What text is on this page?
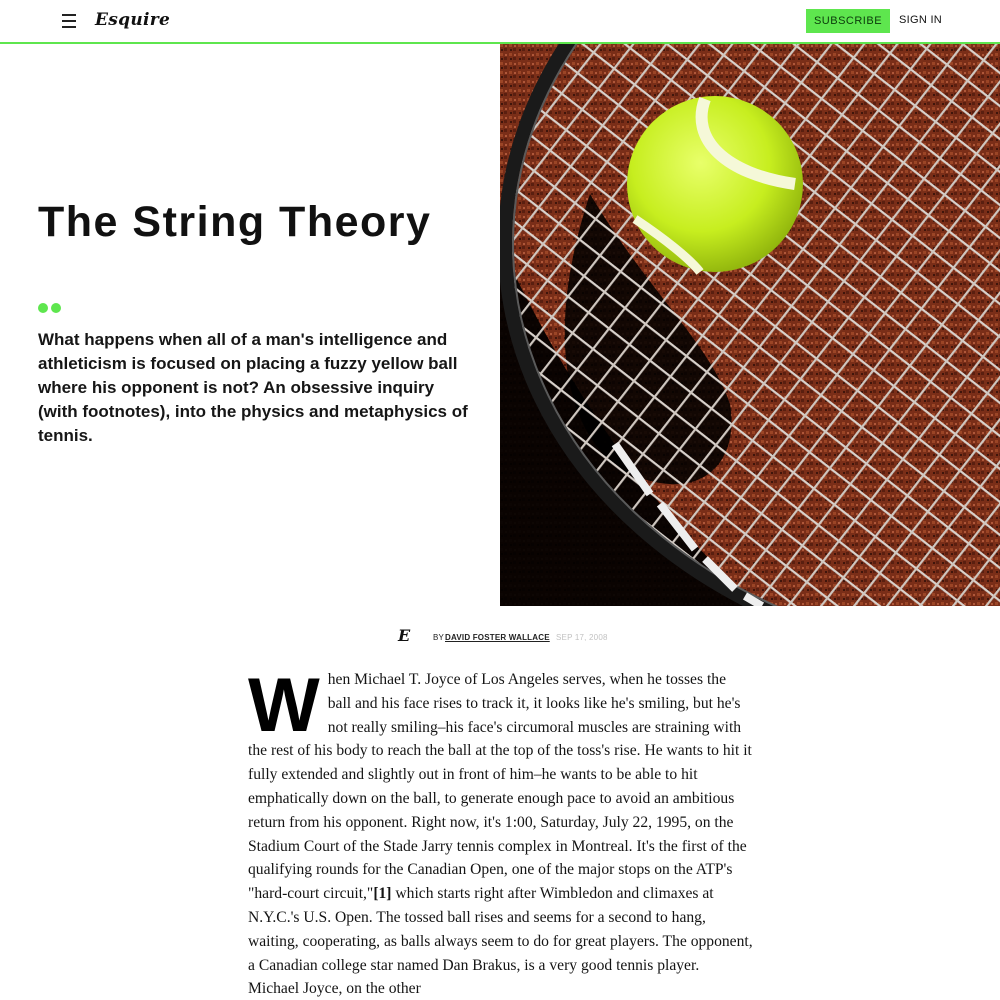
Esquire	SUBSCRIBE	SIGN IN
The String Theory

What happens when all of a man's intelligence and athleticism is focused on placing a fuzzy yellow ball where his opponent is not? An obsessive inquiry (with footnotes), into the physics and metaphysics of tennis.

E	BY DAVID FOSTER WALLACE SEP 17, 2008
When Michael T. Joyce of Los Angeles serves, when he tosses the ball and his face rises to track it, it looks like he's smiling, but he's not really smiling–his face's circumoral muscles are straining with the rest of his body to reach the ball at the top of the toss's rise. He wants to hit it fully extended and slightly out in front of him–he wants to be able to hit emphatically down on the ball, to generate enough pace to avoid an ambitious return from his opponent. Right now, it's 1:00, Saturday, July 22, 1995, on the Stadium Court of the Stade Jarry tennis complex in Montreal. It's the first of the qualifying rounds for the Canadian Open, one of the major stops on the ATP's "hard-court circuit,"[1] which starts right after Wimbledon and climaxes at N.Y.C.'s U.S. Open. The tossed ball rises and seems for a second to hang, waiting, cooperating, as balls always seem to do for great players. The opponent, a Canadian college star named Dan Brakus, is a very good tennis player. Michael Joyce, on the other
